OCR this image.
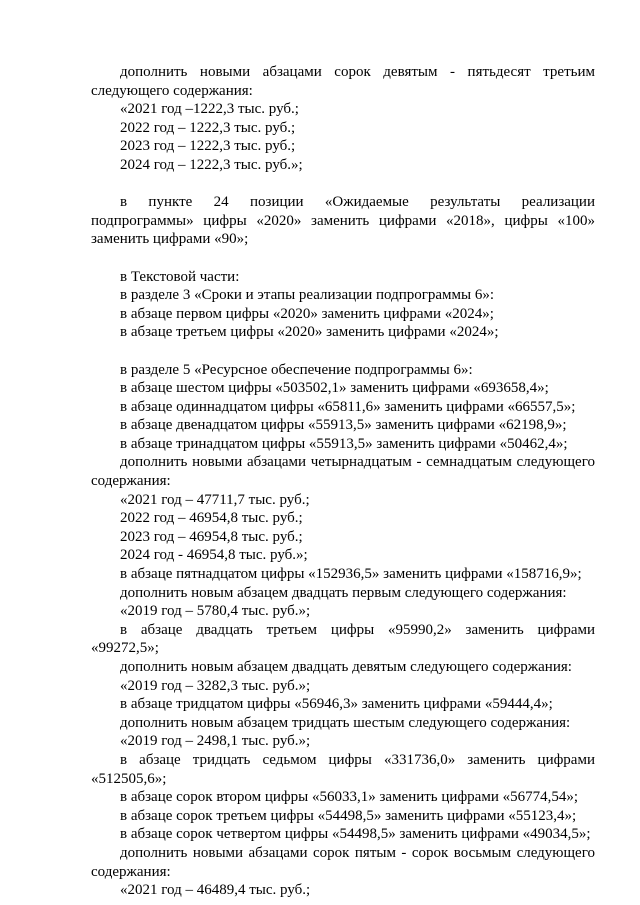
дополнить новыми абзацами сорок девятым - пятьдесят третьим следующего содержания:

«2021 год –1222,3 тыс. руб.;

2022 год – 1222,3 тыс. руб.;

2023 год – 1222,3 тыс. руб.;

2024 год – 1222,3 тыс. руб.»;

в пункте 24 позиции «Ожидаемые результаты реализации подпрограммы» цифры «2020» заменить цифрами «2018», цифры «100» заменить цифрами «90»;

в Текстовой части:

в разделе 3 «Сроки и этапы реализации подпрограммы 6»:

в абзаце первом цифры «2020» заменить цифрами «2024»;

в абзаце третьем цифры «2020» заменить цифрами «2024»;

в разделе 5 «Ресурсное обеспечение подпрограммы 6»:

в абзаце шестом цифры «503502,1» заменить цифрами «693658,4»;

в абзаце одиннадцатом цифры «65811,6» заменить цифрами «66557,5»;

в абзаце двенадцатом цифры «55913,5» заменить цифрами «62198,9»;

в абзаце тринадцатом цифры «55913,5» заменить цифрами «50462,4»;

дополнить новыми абзацами четырнадцатым - семнадцатым следующего содержания:

«2021 год – 47711,7 тыс. руб.;

2022 год – 46954,8 тыс. руб.;

2023 год – 46954,8 тыс. руб.;

2024 год - 46954,8 тыс. руб.»;

в абзаце пятнадцатом цифры «152936,5» заменить цифрами «158716,9»;

дополнить новым абзацем двадцать первым следующего содержания:

«2019 год – 5780,4 тыс. руб.»;

в абзаце двадцать третьем цифры «95990,2» заменить цифрами «99272,5»;

дополнить новым абзацем двадцать девятым следующего содержания:

«2019 год – 3282,3 тыс. руб.»;

в абзаце тридцатом цифры «56946,3» заменить цифрами «59444,4»;

дополнить новым абзацем тридцать шестым следующего содержания:

«2019 год – 2498,1 тыс. руб.»;

в абзаце тридцать седьмом цифры «331736,0» заменить цифрами «512505,6»;

в абзаце сорок втором цифры «56033,1» заменить цифрами «56774,54»;

в абзаце сорок третьем цифры «54498,5» заменить цифрами «55123,4»;

в абзаце сорок четвертом цифры «54498,5» заменить цифрами «49034,5»;

дополнить новыми абзацами сорок пятым - сорок восьмым следующего содержания:

«2021 год – 46489,4 тыс. руб.;
